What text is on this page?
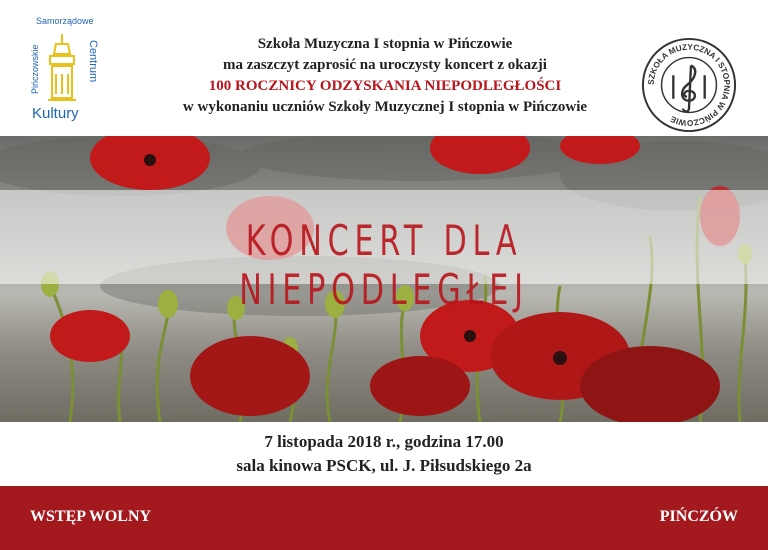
Samorządowe
Pińczowskie	Centrum
Kultury
Szkoła Muzyczna I stopnia w Pińczowie
ma zaszczyt zaprosić na uroczysty koncert z okazji
100 ROCZNICY ODZYSKANIA NIEPODLEGŁOŚCI
w wykonaniu uczniów Szkoły Muzycznej I stopnia w Pińczowie
SZKOŁA MUZYCZNA I STOPNIA W PIŃCZOWIE
KONCERT DLA NIEPODLEGŁEJ
7 listopada 2018 r., godzina 17.00
sala kinowa PSCK, ul. J. Piłsudskiego 2a
WSTĘP WOLNY	PIŃCZÓW
